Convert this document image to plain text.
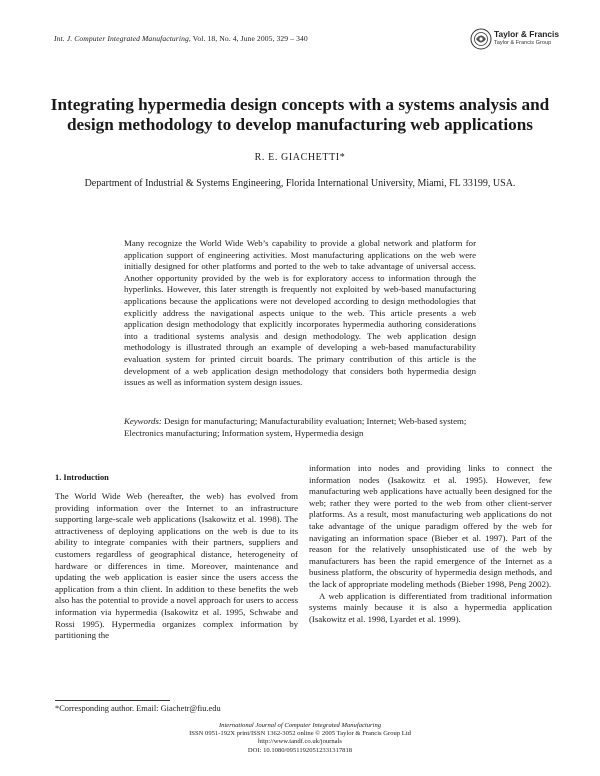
Int. J. Computer Integrated Manufacturing, Vol. 18, No. 4, June 2005, 329 – 340	Taylor & Francis
Taylor & Francis Group
Integrating hypermedia design concepts with a systems analysis and design methodology to develop manufacturing web applications
R. E. GIACHETTI*
Department of Industrial & Systems Engineering, Florida International University, Miami, FL 33199, USA.
Many recognize the World Wide Web’s capability to provide a global network and platform for application support of engineering activities. Most manufacturing applications on the web were initially designed for other platforms and ported to the web to take advantage of universal access. Another opportunity provided by the web is for exploratory access to information through the hyperlinks. However, this later strength is frequently not exploited by web-based manufacturing applications because the applications were not developed according to design methodologies that explicitly address the navigational aspects unique to the web. This article presents a web application design methodology that explicitly incorporates hypermedia authoring considerations into a traditional systems analysis and design methodology. The web application design methodology is illustrated through an example of developing a web-based manufacturability evaluation system for printed circuit boards. The primary contribution of this article is the development of a web application design methodology that considers both hypermedia design issues as well as information system design issues.
Keywords: Design for manufacturing; Manufacturability evaluation; Internet; Web-based system; Electronics manufacturing; Information system, Hypermedia design
1. Introduction
The World Wide Web (hereafter, the web) has evolved from providing information over the Internet to an infrastructure supporting large-scale web applications (Isakowitz et al. 1998). The attractiveness of deploying applications on the web is due to its ability to integrate companies with their partners, suppliers and customers regardless of geographical distance, heterogeneity of hardware or differences in time. Moreover, maintenance and updating the web application is easier since the users access the application from a thin client. In addition to these benefits the web also has the potential to provide a novel approach for users to access information via hypermedia (Isakowitz et al. 1995, Schwabe and Rossi 1995). Hypermedia organizes complex information by partitioning the
information into nodes and providing links to connect the information nodes (Isakowitz et al. 1995). However, few manufacturing web applications have actually been designed for the web; rather they were ported to the web from other client-server platforms. As a result, most manufacturing web applications do not take advantage of the unique paradigm offered by the web for navigating an information space (Bieber et al. 1997). Part of the reason for the relatively unsophisticated use of the web by manufacturers has been the rapid emergence of the Internet as a business platform, the obscurity of hypermedia design methods, and the lack of appropriate modeling methods (Bieber 1998, Peng 2002).
A web application is differentiated from traditional information systems mainly because it is also a hypermedia application (Isakowitz et al. 1998, Lyardet et al. 1999).
*Corresponding author. Email: Giachetr@fiu.edu
International Journal of Computer Integrated Manufacturing
ISSN 0951-192X print/ISSN 1362-3052 online © 2005 Taylor & Francis Group Ltd
http://www.tandf.co.uk/journals
DOI: 10.1080/09511920512331317818
